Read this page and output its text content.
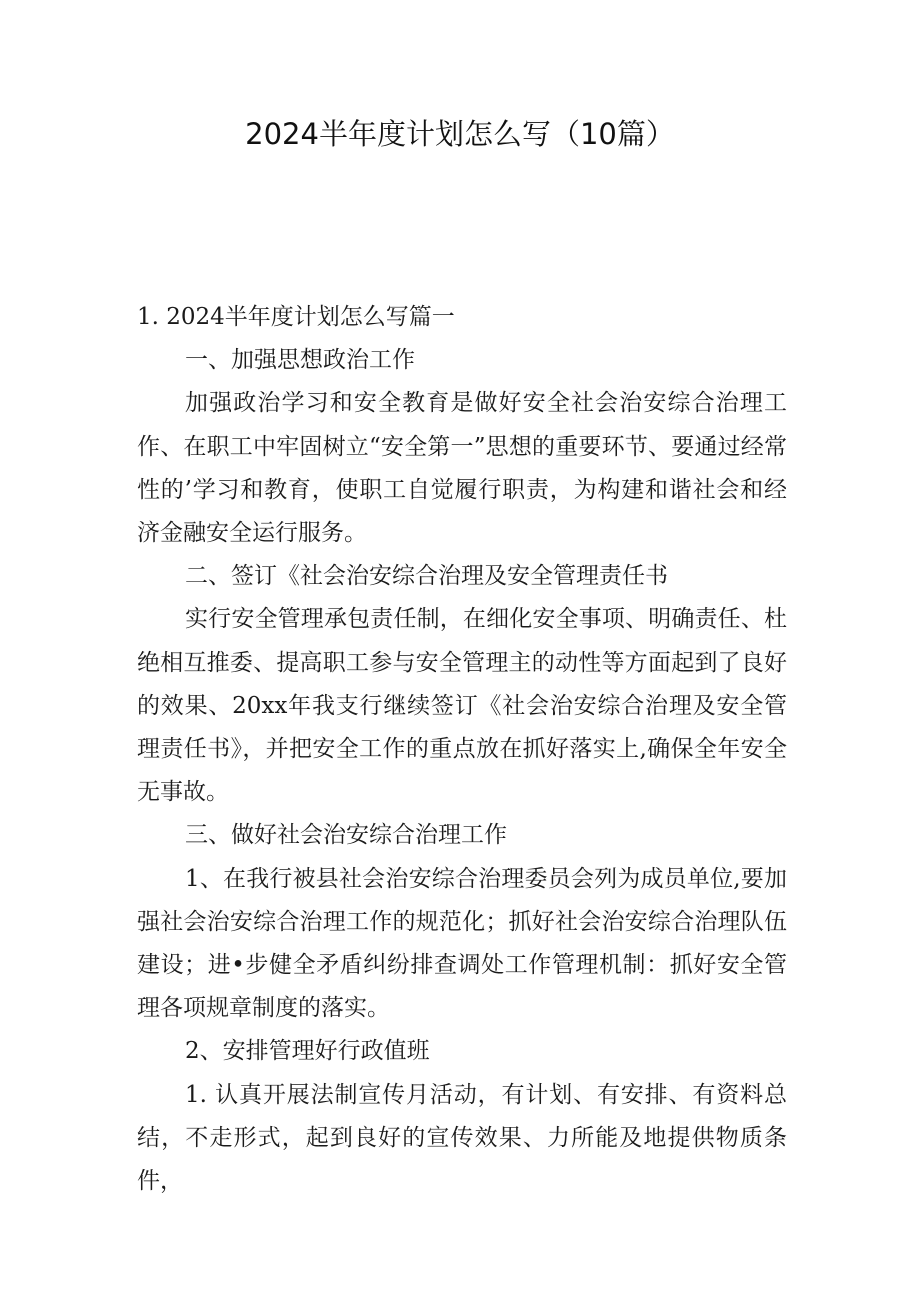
2024半年度计划怎么写（10篇）

1. 2024半年度计划怎么写篇一

一、加强思想政治工作

加强政治学习和安全教育是做好安全社会治安综合治理工作、在职工中牢固树立“安全第一”思想的重要环节、要通过经常性的’学习和教育，使职工自觉履行职责，为构建和谐社会和经济金融安全运行服务。

二、签订《社会治安综合治理及安全管理责任书

实行安全管理承包责任制，在细化安全事项、明确责任、杜绝相互推委、提高职工参与安全管理主的动性等方面起到了良好的效果、20xx年我支行继续签订《社会治安综合治理及安全管理责任书》，并把安全工作的重点放在抓好落实上,确保全年安全无事故。

三、做好社会治安综合治理工作

1、在我行被县社会治安综合治理委员会列为成员单位,要加强社会治安综合治理工作的规范化；抓好社会治安综合治理队伍建设；进•步健全矛盾纠纷排查调处工作管理机制：抓好安全管理各项规章制度的落实。

2、安排管理好行政值班

1. 认真开展法制宣传月活动，有计划、有安排、有资料总结，不走形式，起到良好的宣传效果、力所能及地提供物质条件，
